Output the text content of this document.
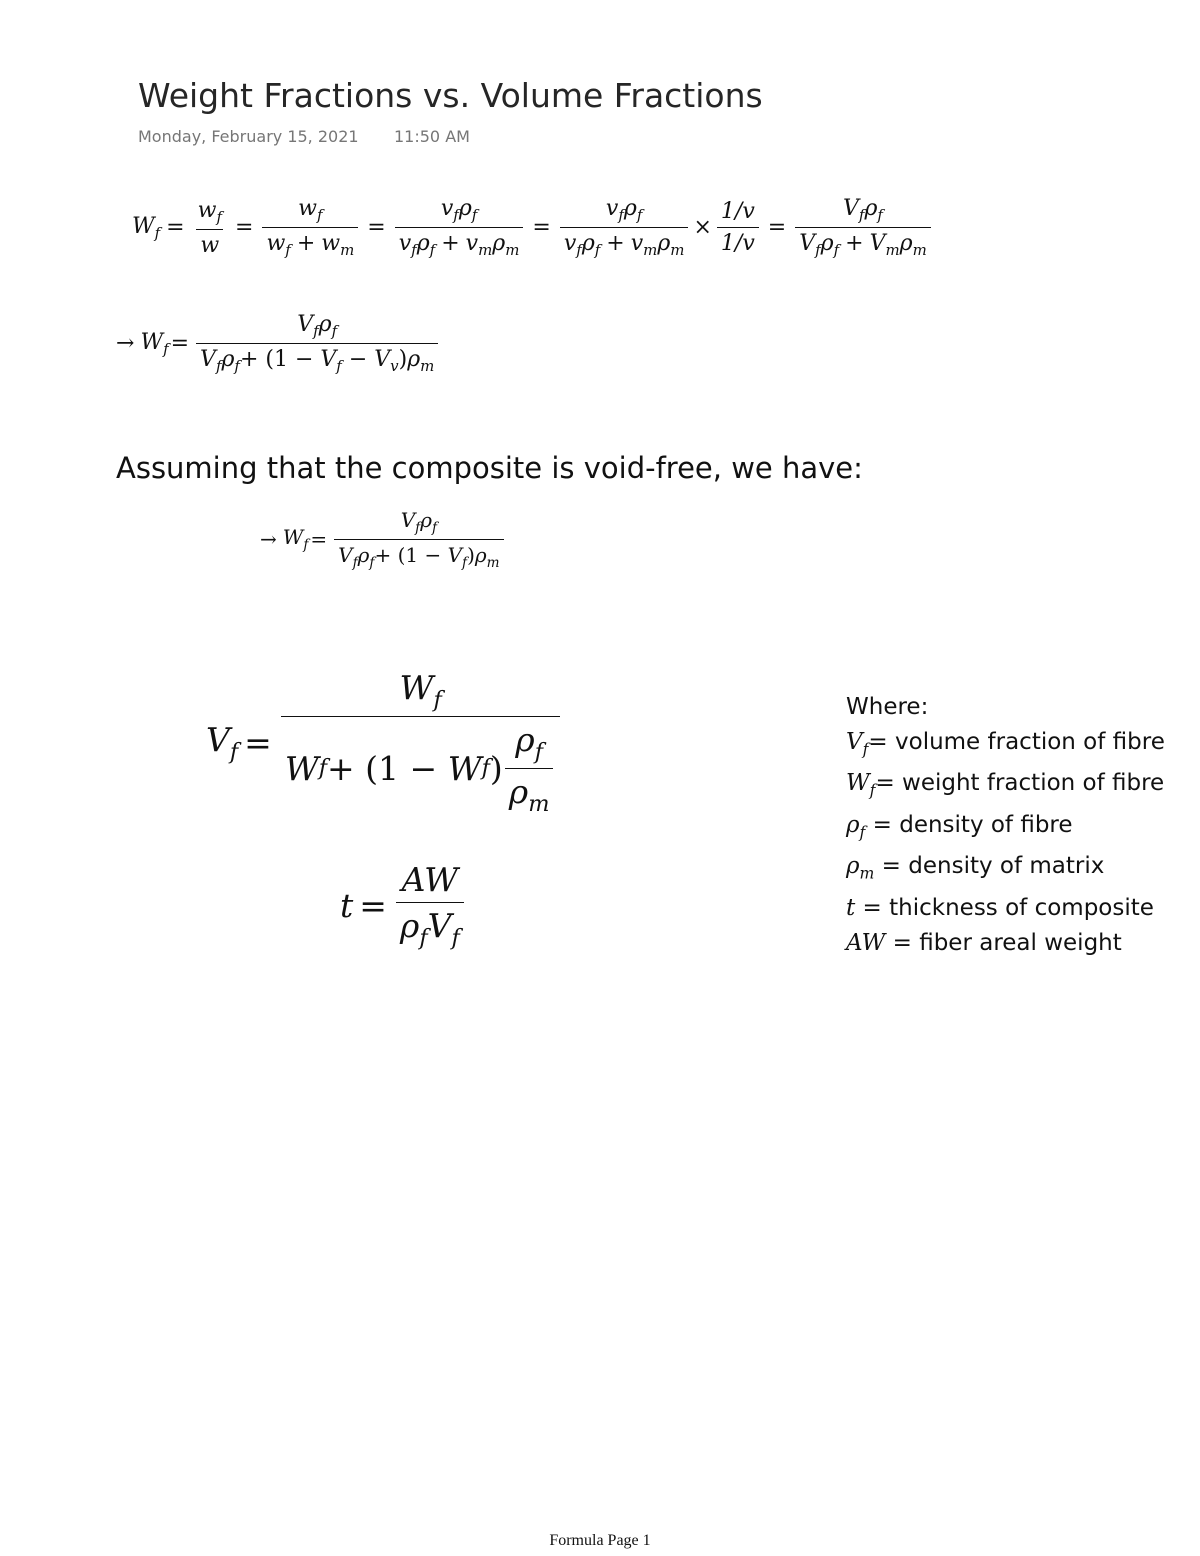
Weight Fractions vs. Volume Fractions
Monday, February 15, 2021 11:50 AM
$W_f = \frac{w_f}{w} = \frac{w_f}{w_f + w_m} = \frac{v_f\rho_f}{v_f\rho_f + v_m\rho_m} = \frac{v_f\rho_f}{v_f\rho_f + v_m\rho_m} \times \frac{1/v}{1/v} = \frac{V_f\rho_f}{V_f\rho_f + V_m\rho_m}$
→ $W_f = \frac{V_f\rho_f}{V_f\rho_f+ (1 - V_f - V_v)\rho_m}$
Assuming that the composite is void-free, we have:
→ $W_f = \frac{V_f\rho_f}{V_f\rho_f+ (1 - V_f)\rho_m}$
$V_f = \frac{W_f}{W f + (1 - W f ) \frac{\rho_f}{\rho_m}}$
$t = \frac{AW}{\rho_fV_f}$
Where:
$V_f=$ volume fraction of fibre
$W_f=$ weight fraction of fibre
$\rho_f$ = density of fibre
$\rho_m$ = density of matrix
t = thickness of composite
AW = fiber areal weight
Formula Page 1
